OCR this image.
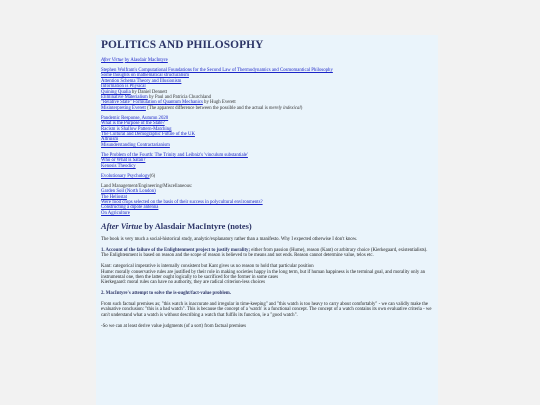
POLITICS AND PHILOSOPHY
After Virtue by Alasdair MacIntyre
Stephen Wolfram's Computational Foundations for the Second Law of Thermodynamics and Cosmomantical Philosophy
Some thoughts on mathematical structuralism
Attention Schema Theory and Illusionism
Information is Physical
Quining Qualia by Daniel Dennett
Eliminative Materialism by Paul and Patricia Churchland
"Relative State" Formulation of Quantum Mechanics by Hugh Everett
Misinterpreting Everett (The apparent difference between the possible and the actual is merely indexical)
Pandemic Response, Autumn 2020
What is the Purpose of the State?
Racism is Shallow Pattern-Matching
The Cultural and Demographic Future of the UK
Altruism
Misunderstanding Contractarianism
The Problem of the Fourth: The Trinity and Leibniz's 'vinculum substantiale'
Who or What is Satan?
Kenosis Theodicy
Evolutionary Psychology(6)
Land Management/Engineering/Miscellaneous:
Garden Soil (North London)
The Heliostat
Were food crops selected on the basis of their success in polycultural environments?
Constructing a dipole antenna
On Agriculture
After Virtue by Alasdair MacIntyre (notes)

The book is very much a social-historical study, analytic/explanatory rather than a manifesto. Why I expected otherwise I don't know.

1. Account of the failure of the Enlightenment project to justify morality; either from passion (Hume), reason (Kant) or arbitrary choice (Kierkegaard, existentialists). The Enlightenment is based on reason and the scope of reason is believed to be means and not ends. Reason cannot determine value, telos etc.

Kant: categorical imperative is internally consistent but Kant gives us no reason to hold that particular position
Hume: morally conservative rules are justified by their role in making societies happy in the long term, but if human happiness is the terminal goal, and morality only an instrumental one, then the latter ought logically to be sacrificed for the former in some cases
Kierkegaard: moral rules can have no authority, they are radical criterion-less choices

2. MacIntyre's attempt to solve the is-ought/fact-value problem.

From such factual premises as; "this watch is inaccurate and irregular in time-keeping" and "this watch is too heavy to carry about comfortably" - we can validly make the evaluative conclusion: "this is a bad watch". This is because the concept of a 'watch' is a functional concept. The concept of a watch contains its own evaluative criteria - we can't understand what a watch is without describing a watch that fulfils its function, ie a "good watch".

-So we can at least derive value judgments (of a sort) from factual premises
